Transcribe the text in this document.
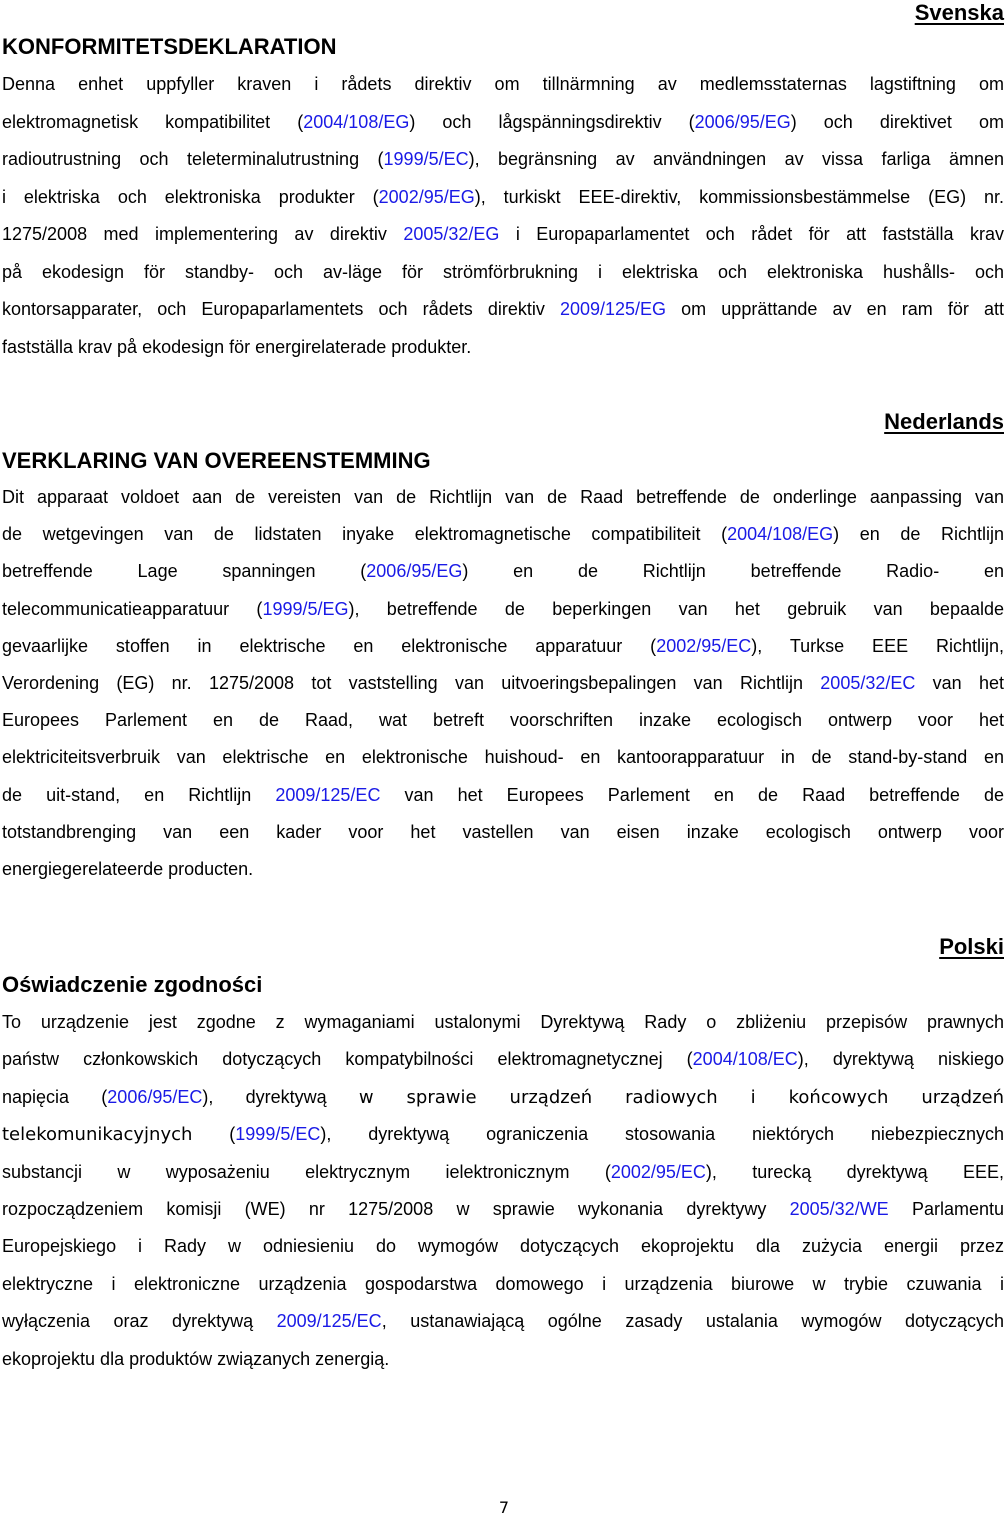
Svenska
KONFORMITETSDEKLARATION
Denna enhet uppfyller kraven i rådets direktiv om tillnärmning av medlemsstaternas lagstiftning om
elektromagnetisk kompatibilitet (2004/108/EG) och lågspänningsdirektiv (2006/95/EG) och direktivet om
radioutrustning och teleterminalutrustning (1999/5/EC), begränsning av användningen av vissa farliga ämnen
i elektriska och elektroniska produkter (2002/95/EG), turkiskt EEE-direktiv, kommissionsbestämmelse (EG) nr.
1275/2008 med implementering av direktiv 2005/32/EG i Europaparlamentet och rådet för att fastställa krav
på ekodesign för standby- och av-läge för strömförbrukning i elektriska och elektroniska hushålls- och
kontorsapparater, och Europaparlamentets och rådets direktiv 2009/125/EG om upprättande av en ram för att
fastställa krav på ekodesign för energirelaterade produkter.
Nederlands
VERKLARING VAN OVEREENSTEMMING
Dit apparaat voldoet aan de vereisten van de Richtlijn van de Raad betreffende de onderlinge aanpassing van
de wetgevingen van de lidstaten inyake elektromagnetische compatibiliteit (2004/108/EG) en de Richtlijn
betreffende Lage spanningen (2006/95/EG) en de Richtlijn betreffende Radio- en
telecommunicatieapparatuur (1999/5/EG), betreffende de beperkingen van het gebruik van bepaalde
gevaarlijke stoffen in elektrische en elektronische apparatuur (2002/95/EC), Turkse EEE Richtlijn,
Verordening (EG) nr. 1275/2008 tot vaststelling van uitvoeringsbepalingen van Richtlijn 2005/32/EC van het
Europees Parlement en de Raad, wat betreft voorschriften inzake ecologisch ontwerp voor het
elektriciteitsverbruik van elektrische en elektronische huishoud- en kantoorapparatuur in de stand-by-stand en
de uit-stand, en Richtlijn 2009/125/EC van het Europees Parlement en de Raad betreffende de
totstandbrenging van een kader voor het vastellen van eisen inzake ecologisch ontwerp voor
energiegerelateerde producten.
Polski
Oświadczenie zgodności
To urządzenie jest zgodne z wymaganiami ustalonymi Dyrektywą Rady o zbliżeniu przepisów prawnych
państw członkowskich dotyczących kompatybilności elektromagnetycznej (2004/108/EC), dyrektywą niskiego
napięcia (2006/95/EC), dyrektywą w sprawie urządzeń radiowych i końcowych urządzeń
telekomunikacyjnych (1999/5/EC), dyrektywą ograniczenia stosowania niektórych niebezpiecznych
substancji w wyposażeniu elektrycznym ielektronicznym (2002/95/EC), turecką dyrektywą EEE,
rozpocządzeniem komisji (WE) nr 1275/2008 w sprawie wykonania dyrektywy 2005/32/WE Parlamentu
Europejskiego i Rady w odniesieniu do wymogów dotyczących ekoprojektu dla zużycia energii przez
elektryczne i elektroniczne urządzenia gospodarstwa domowego i urządzenia biurowe w trybie czuwania i
wyłączenia oraz dyrektywą 2009/125/EC, ustanawiającą ogólne zasady ustalania wymogów dotyczących
ekoprojektu dla produktów związanych zenergią.
7
